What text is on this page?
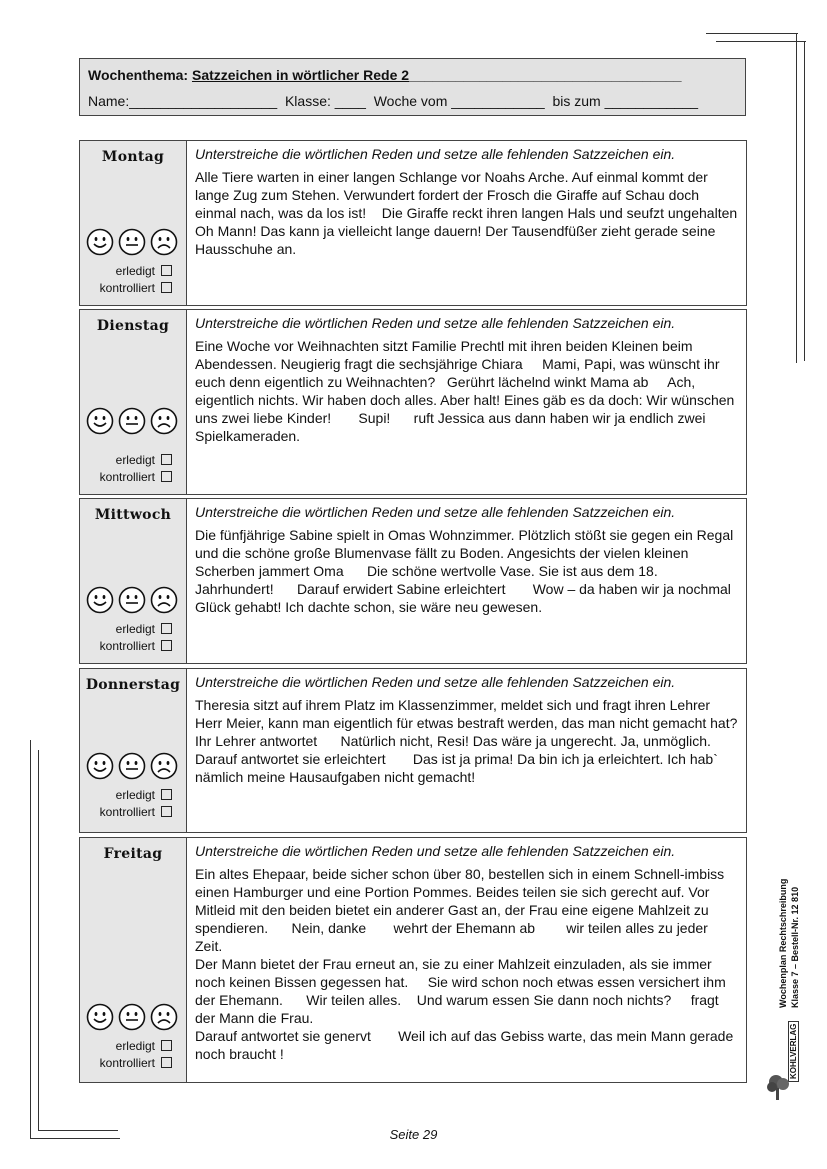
Wochenthema: Satzzeichen in wörtlicher Rede 2___________________________________
Name:___________________ Klasse: ____ Woche vom ____________ bis zum ____________
Montag
erledigt
kontrolliert
Unterstreiche die wörtlichen Reden und setze alle fehlenden Satzzeichen ein.
Alle Tiere warten in einer langen Schlange vor Noahs Arche. Auf einmal kommt der lange Zug zum Stehen. Verwundert fordert der Frosch die Giraffe auf Schau doch einmal nach, was da los ist!    Die Giraffe reckt ihren langen Hals und seufzt ungehalten    Oh Mann! Das kann ja vielleicht lange dauern! Der Tausendfüßer zieht gerade seine Hausschuhe an.
Dienstag
erledigt
kontrolliert
Unterstreiche die wörtlichen Reden und setze alle fehlenden Satzzeichen ein.
Eine Woche vor Weihnachten sitzt Familie Prechtl mit ihren beiden Kleinen beim Abendessen. Neugierig fragt die sechsjährige Chiara     Mami, Papi, was wünscht ihr euch denn eigentlich zu Weihnachten?   Gerührt lächelnd winkt Mama ab     Ach, eigentlich nichts. Wir haben doch alles. Aber halt! Eines gäb es da doch: Wir wünschen uns zwei liebe Kinder!       Supi!      ruft Jessica aus dann haben wir ja endlich zwei Spielkameraden.
Mittwoch
erledigt
kontrolliert
Unterstreiche die wörtlichen Reden und setze alle fehlenden Satzzeichen ein.
Die fünfjährige Sabine spielt in Omas Wohnzimmer. Plötzlich stößt sie gegen ein Regal und die schöne große Blumenvase fällt zu Boden. Angesichts der vielen kleinen Scherben jammert Oma      Die schöne wertvolle Vase. Sie ist aus dem 18. Jahrhundert!      Darauf erwidert Sabine erleichtert       Wow – da haben wir ja nochmal Glück gehabt! Ich dachte schon, sie wäre neu gewesen.
Donnerstag
erledigt
kontrolliert
Unterstreiche die wörtlichen Reden und setze alle fehlenden Satzzeichen ein.
Theresia sitzt auf ihrem Platz im Klassenzimmer, meldet sich und fragt ihren Lehrer     Herr Meier, kann man eigentlich für etwas bestraft werden, das man nicht gemacht hat?     Ihr Lehrer antwortet      Natürlich nicht, Resi! Das wäre ja ungerecht. Ja, unmöglich.    Darauf antwortet sie erleichtert       Das ist ja prima! Da bin ich ja erleichtert. Ich hab` nämlich meine Hausaufgaben nicht gemacht!
Freitag
erledigt
kontrolliert
Unterstreiche die wörtlichen Reden und setze alle fehlenden Satzzeichen ein.
Ein altes Ehepaar, beide sicher schon über 80, bestellen sich in einem Schnell-imbiss einen Hamburger und eine Portion Pommes. Beides teilen sie sich gerecht auf. Vor Mitleid mit den beiden bietet ein anderer Gast an, der Frau eine eigene Mahlzeit zu spendieren.      Nein, danke       wehrt der Ehemann ab        wir teilen alles zu jeder Zeit.
Der Mann bietet der Frau erneut an, sie zu einer Mahlzeit einzuladen, als sie immer noch keinen Bissen gegessen hat.     Sie wird schon noch etwas essen versichert ihm der Ehemann.      Wir teilen alles.    Und warum essen Sie dann noch nichts?     fragt der Mann die Frau.
Darauf antwortet sie genervt       Weil ich auf das Gebiss warte, das mein Mann gerade noch braucht !
Wochenplan Rechtschreibung Klasse 7 – Bestell-Nr. 12 810
KOHLVERLAG
Seite 29
